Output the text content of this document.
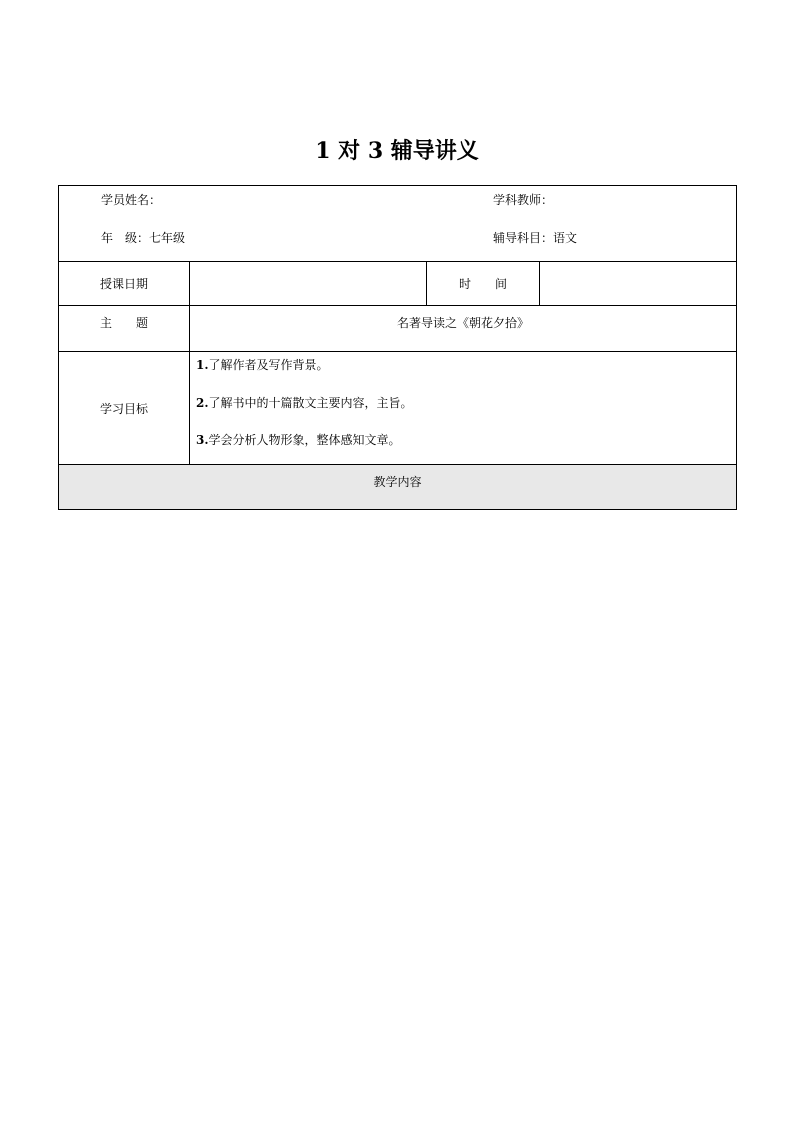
1 对 3 辅导讲义
学员姓名： 学科教师：
年　级：七年级 辅导科目：语文			

授课日期		时　　间	
主　　题	名著导读之《朝花夕拾》		
学习目标	1.了解作者及写作背景。
2.了解书中的十篇散文主要内容，主旨。
3.学会分析人物形象，整体感知文章。		

教学内容			
